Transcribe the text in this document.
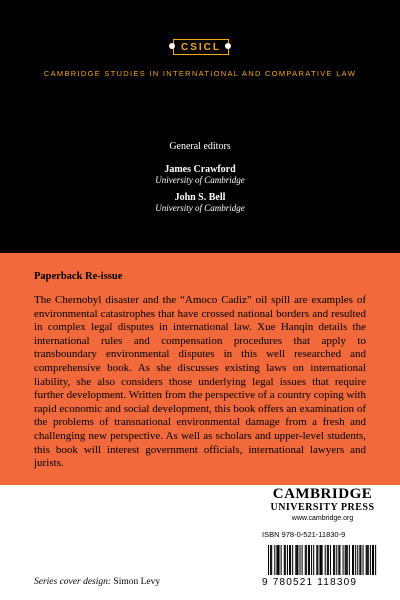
CSICL
CAMBRIDGE STUDIES IN INTERNATIONAL AND COMPARATIVE LAW
General editors
James Crawford
University of Cambridge
John S. Bell
University of Cambridge
Paperback Re-issue

The Chernobyl disaster and the “Amoco Cadiz” oil spill are examples of environmental catastrophes that have crossed national borders and resulted in complex legal disputes in international law. Xue Hanqin details the international rules and compensation procedures that apply to transboundary environmental disputes in this well researched and comprehensive book. As she discusses existing laws on international liability, she also considers those underlying legal issues that require further development. Written from the perspective of a country coping with rapid economic and social development, this book offers an examination of the problems of transnational environmental damage from a fresh and challenging new perspective. As well as scholars and upper-level students, this book will interest government officials, international lawyers and jurists.

CAMBRIDGE
UNIVERSITY PRESS
www.cambridge.org
ISBN 978-0-521-11830-9
9 780521 118309
Series cover design: Simon Levy
